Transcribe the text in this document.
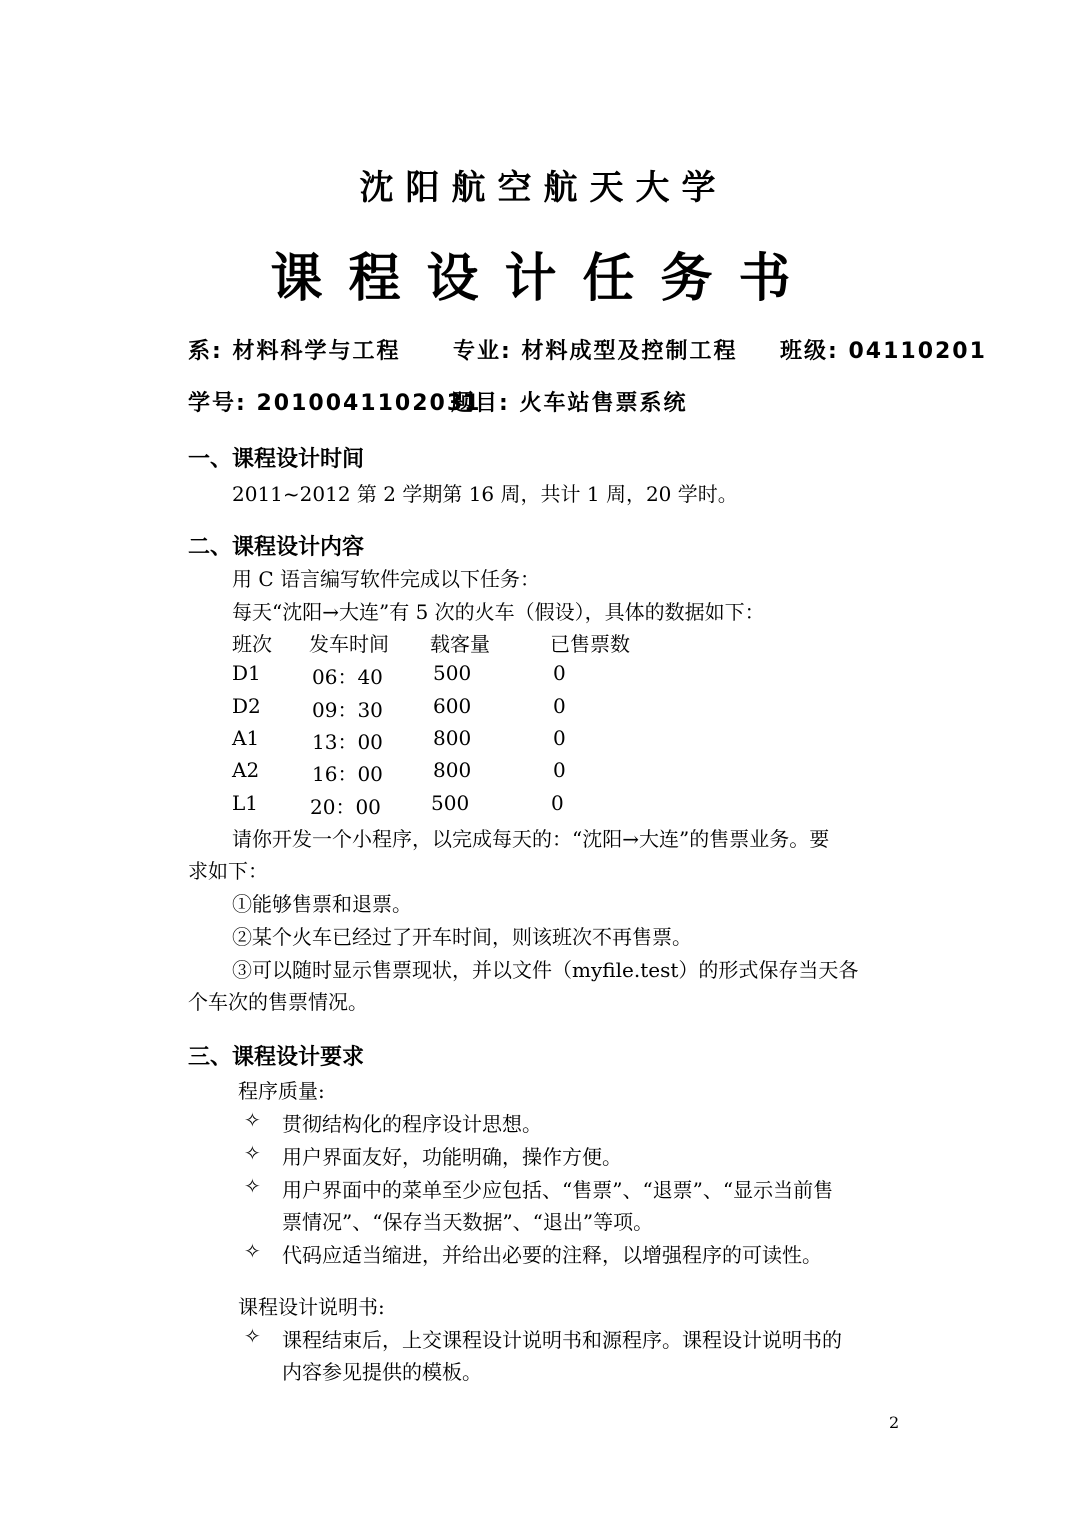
沈阳航空航天大学
课程设计任务书
系: 材料科学与工程 专业: 材料成型及控制工程 班级: 04110201
学号: 2010041102031
题目: 火车站售票系统
一、课程设计时间
2011~2012 第 2 学期第 16 周，共计 1 周，20 学时。
二、课程设计内容
用 C 语言编写软件完成以下任务：
每天“沈阳→大连”有 5 次的火车（假设），具体的数据如下：
班次 发车时间 载客量	已售票数
D1	06：40	500	0
D2	09：30	600	0
A1	13：00	800	0
A2	16：00	800	0
L1	20：00	500	0
请你开发一个小程序，以完成每天的：“沈阳→大连”的售票业务。要
求如下：
①能够售票和退票。
②某个火车已经过了开车时间，则该班次不再售票。
③可以随时显示售票现状，并以文件（myfile.test）的形式保存当天各
个车次的售票情况。
三、课程设计要求
程序质量:
✧ 贯彻结构化的程序设计思想。
✧ 用户界面友好，功能明确，操作方便。
✧ 用户界面中的菜单至少应包括、“售票”、“退票”、“显示当前售
票情况”、“保存当天数据”、“退出”等项。
✧ 代码应适当缩进，并给出必要的注释，以增强程序的可读性。
课程设计说明书:
✧ 课程结束后，上交课程设计说明书和源程序。课程设计说明书的
内容参见提供的模板。
2
